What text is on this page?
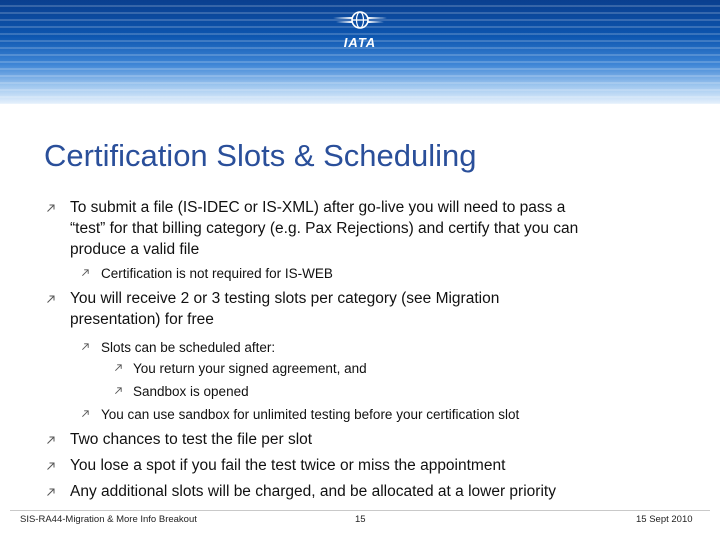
IATA
Certification Slots & Scheduling
To submit a file (IS-IDEC or IS-XML) after go-live you will need to pass a
“test” for that billing category (e.g. Pax Rejections) and certify that you can
produce a valid file
Certification is not required for IS-WEB
You will receive 2 or 3 testing slots per category (see Migration
presentation) for free
Slots can be scheduled after:
You return your signed agreement, and
Sandbox is opened
You can use sandbox for unlimited testing before your certification slot
Two chances to test the file per slot
You lose a spot if you fail the test twice or miss the appointment
Any additional slots will be charged, and be allocated at a lower priority
SIS-RA44-Migration & More Info Breakout	15	15 Sept 2010
